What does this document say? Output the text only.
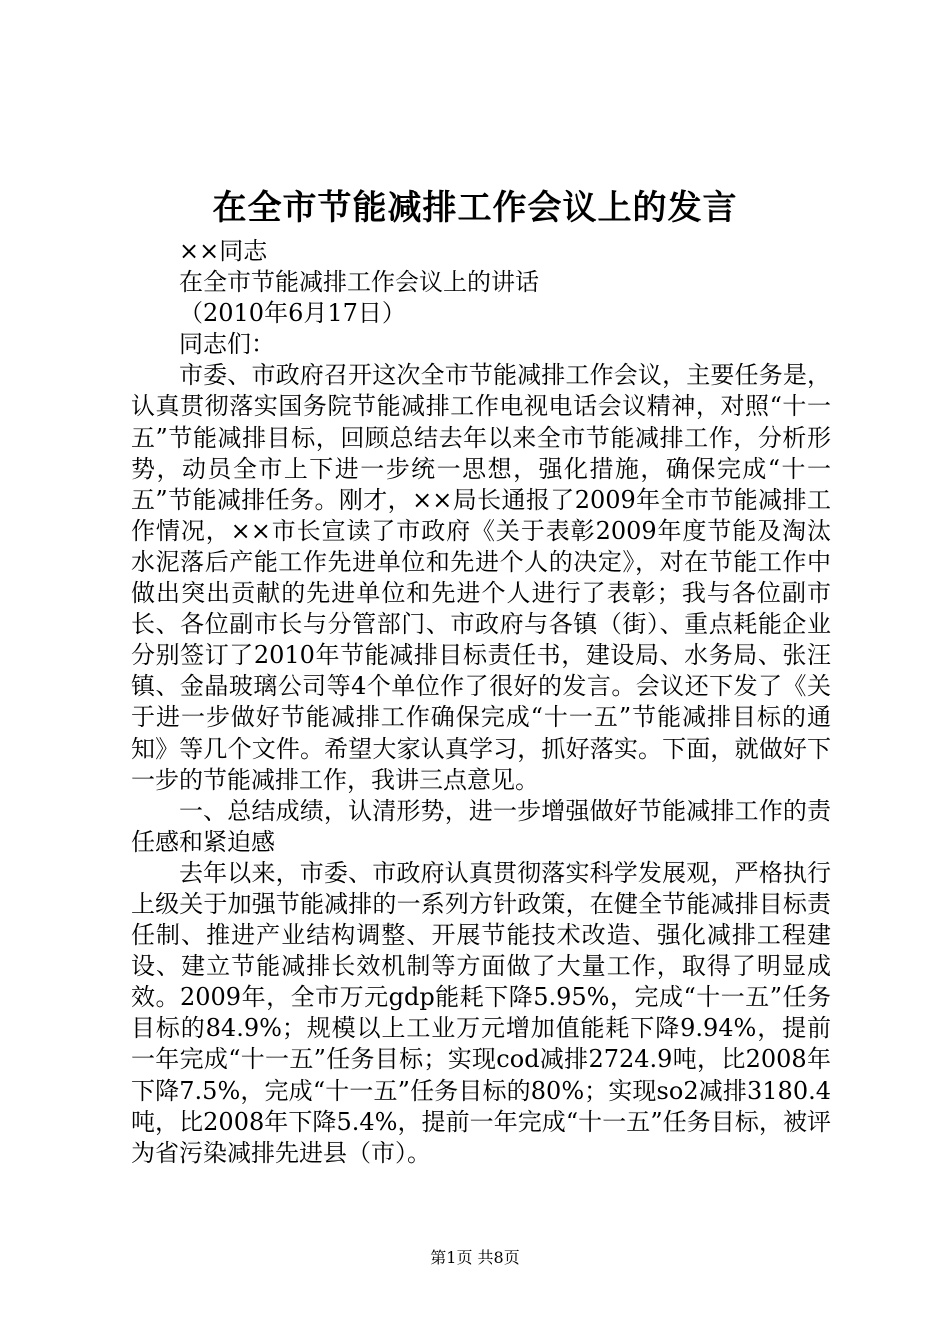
在全市节能减排工作会议上的发言

××同志

在全市节能减排工作会议上的讲话

（2010年6月17日）

同志们：

市委、市政府召开这次全市节能减排工作会议，主要任务是，认真贯彻落实国务院节能减排工作电视电话会议精神，对照“十一五”节能减排目标，回顾总结去年以来全市节能减排工作，分析形势，动员全市上下进一步统一思想，强化措施，确保完成“十一五”节能减排任务。刚才，××局长通报了2009年全市节能减排工作情况，××市长宣读了市政府《关于表彰2009年度节能及淘汰水泥落后产能工作先进单位和先进个人的决定》，对在节能工作中做出突出贡献的先进单位和先进个人进行了表彰；我与各位副市长、各位副市长与分管部门、市政府与各镇（街）、重点耗能企业分别签订了2010年节能减排目标责任书，建设局、水务局、张汪镇、金晶玻璃公司等4个单位作了很好的发言。会议还下发了《关于进一步做好节能减排工作确保完成“十一五”节能减排目标的通知》等几个文件。希望大家认真学习，抓好落实。下面，就做好下一步的节能减排工作，我讲三点意见。

一、总结成绩，认清形势，进一步增强做好节能减排工作的责任感和紧迫感

去年以来，市委、市政府认真贯彻落实科学发展观，严格执行上级关于加强节能减排的一系列方针政策，在健全节能减排目标责任制、推进产业结构调整、开展节能技术改造、强化减排工程建设、建立节能减排长效机制等方面做了大量工作，取得了明显成效。2009年，全市万元gdp能耗下降5.95%，完成“十一五”任务目标的84.9%；规模以上工业万元增加值能耗下降9.94%，提前一年完成“十一五”任务目标；实现cod减排2724.9吨，比2008年下降7.5%，完成“十一五”任务目标的80%；实现so2减排3180.4吨，比2008年下降5.4%，提前一年完成“十一五”任务目标，被评为省污染减排先进县（市）。

第1页 共8页
